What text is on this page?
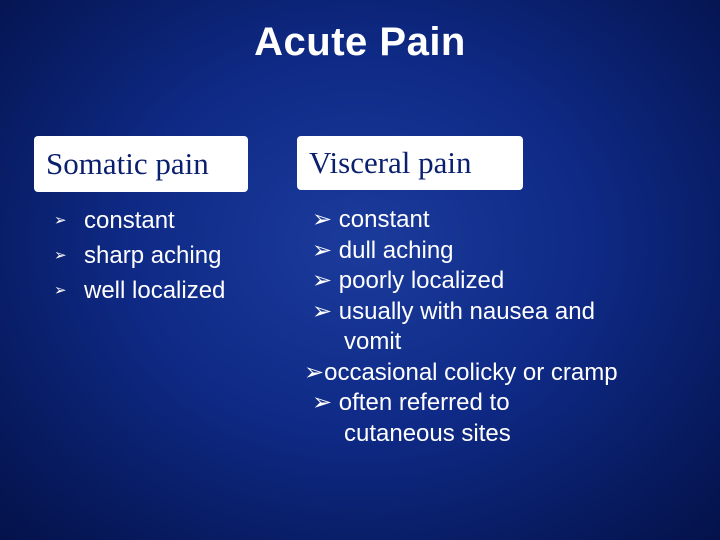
Acute Pain
Somatic pain	Visceral pain
➢ constant
➢ sharp aching
➢ well localized
➢ constant
➢ dull aching
➢ poorly localized
➢ usually with nausea and
vomit
➢occasional colicky or cramp
➢ often referred to
cutaneous sites
